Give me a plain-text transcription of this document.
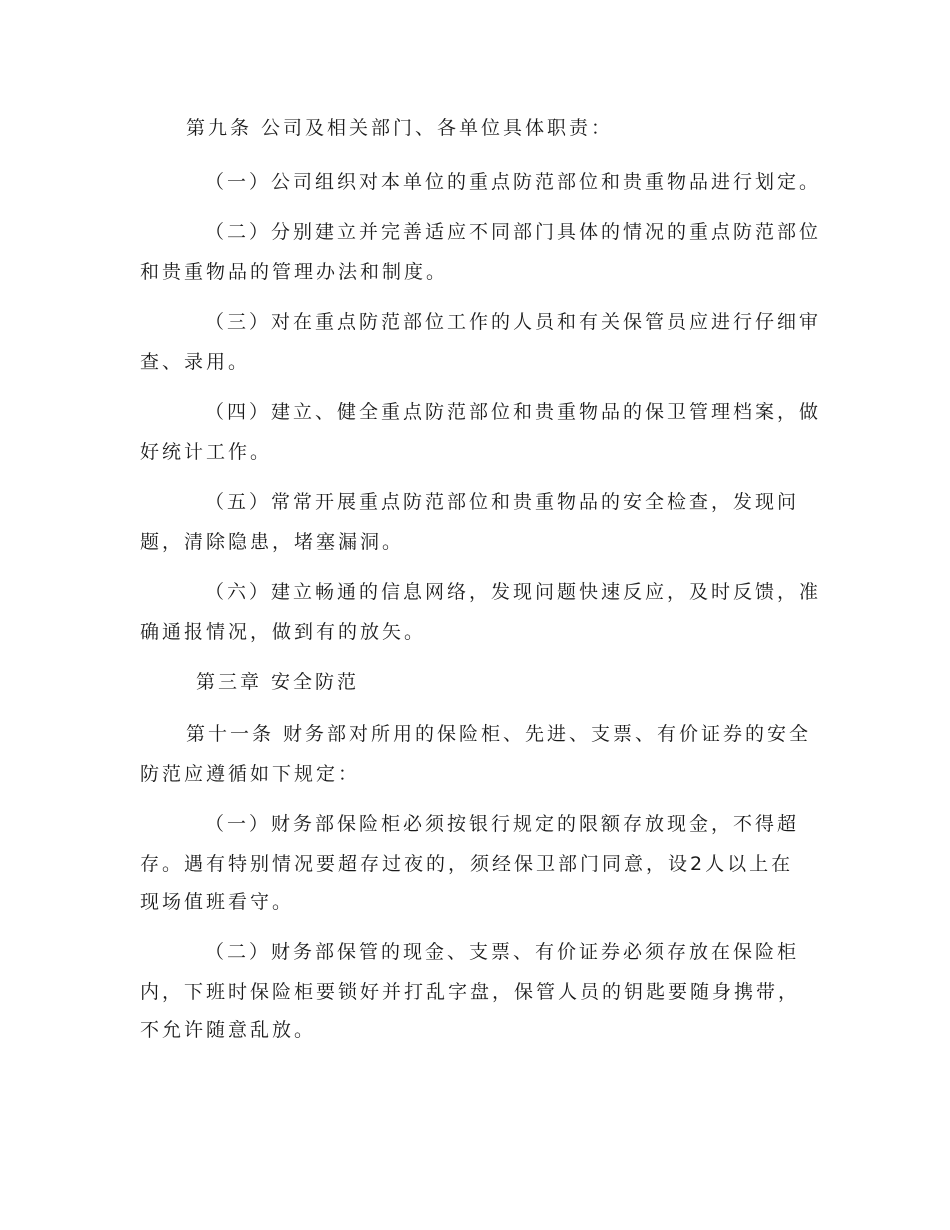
第九条 公司及相关部门、各单位具体职责：
（一）公司组织对本单位的重点防范部位和贵重物品进行划定。
（二）分别建立并完善适应不同部门具体的情况的重点防范部位
和贵重物品的管理办法和制度。
（三）对在重点防范部位工作的人员和有关保管员应进行仔细审
查、录用。
（四）建立、健全重点防范部位和贵重物品的保卫管理档案，做
好统计工作。
（五）常常开展重点防范部位和贵重物品的安全检查，发现问
题，清除隐患，堵塞漏洞。
（六）建立畅通的信息网络，发现问题快速反应，及时反馈，准
确通报情况，做到有的放矢。
第三章 安全防范
第十一条 财务部对所用的保险柜、先进、支票、有价证券的安全
防范应遵循如下规定：
（一）财务部保险柜必须按银行规定的限额存放现金，不得超
存。遇有特别情况要超存过夜的，须经保卫部门同意，设2人以上在
现场值班看守。
（二）财务部保管的现金、支票、有价证券必须存放在保险柜
内，下班时保险柜要锁好并打乱字盘，保管人员的钥匙要随身携带，
不允许随意乱放。
